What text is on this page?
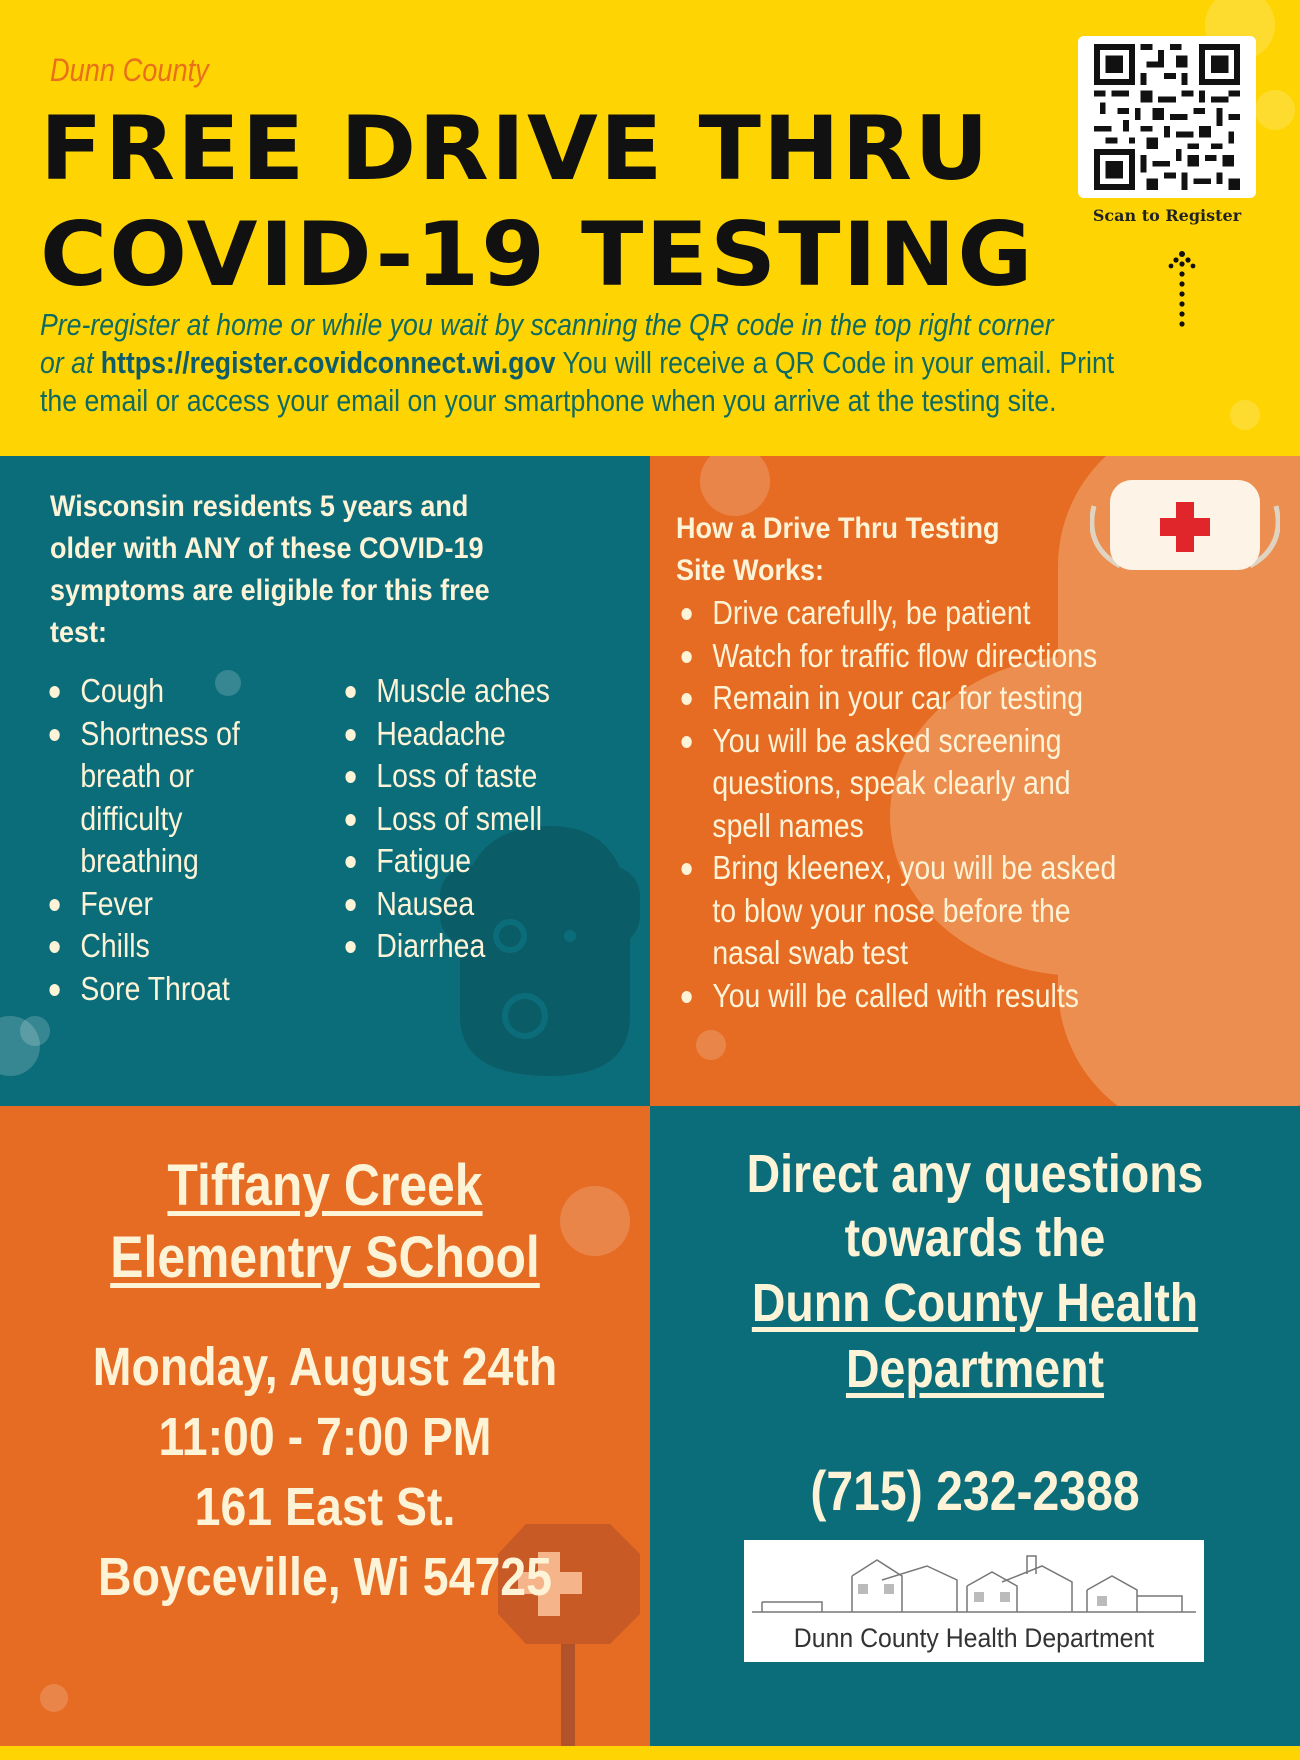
Dunn County
FREE DRIVE THRU
COVID-19 TESTING	Scan to Register
Pre-register at home or while you wait by scanning the QR code in the top right corner
or at https://register.covidconnect.wi.gov You will receive a QR Code in your email. Print
the email or access your email on your smartphone when you arrive at the testing site.
Wisconsin residents 5 years and older with ANY of these COVID-19 symptoms are eligible for this free test:
Cough
Shortness of breath or difficulty breathing
Fever
Chills
Sore Throat
Muscle aches
Headache
Loss of taste
Loss of smell
Fatigue
Nausea
Diarrhea
How a Drive Thru Testing Site Works:
Drive carefully, be patient
Watch for traffic flow directions
Remain in your car for testing
You will be asked screening questions, speak clearly and spell names
Bring kleenex, you will be asked to blow your nose before the nasal swab test
You will be called with results

Tiffany Creek

Elementry SChool

Monday, August 24th

11:00 - 7:00 PM

161 East St.

Boyceville, Wi 54725

Direct any questions

towards the

Dunn County Health

Department

(715) 232-2388
Dunn County Health Department
